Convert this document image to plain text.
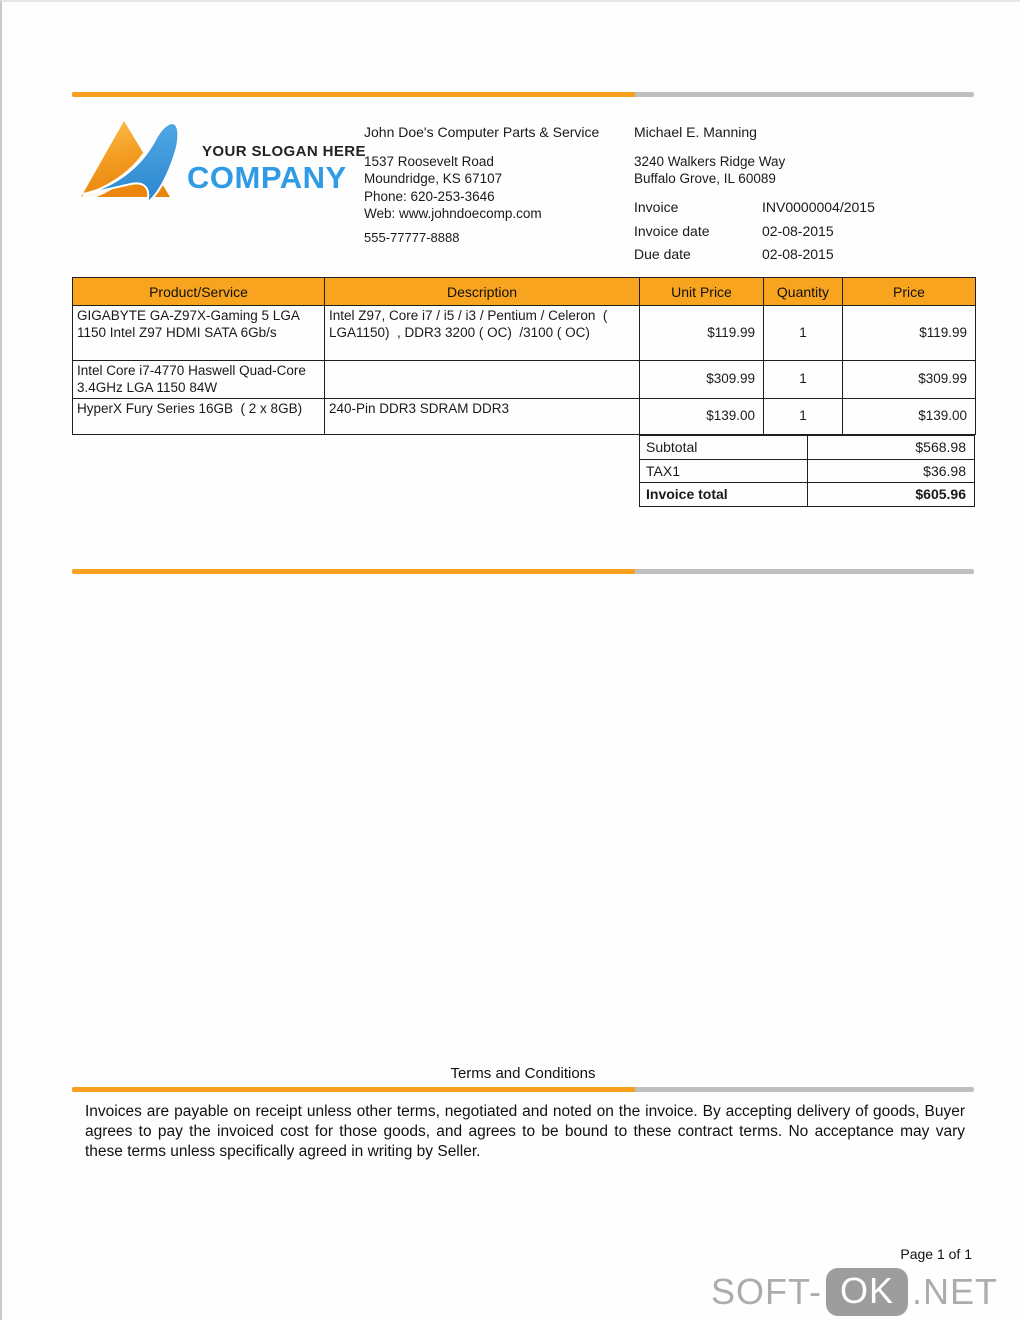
YOUR SLOGAN HERE
COMPANY
John Doe's Computer Parts & Service
1537 Roosevelt Road
Moundridge, KS 67107
Phone: 620-253-3646
Web: www.johndoecomp.com
555-77777-8888
Michael E. Manning
3240 Walkers Ridge Way
Buffalo Grove, IL 60089
Invoice	INV0000004/2015
Invoice date	02-08-2015
Due date	02-08-2015
Product/Service	Description	Unit Price	Quantity	Price
GIGABYTE GA-Z97X-Gaming 5 LGA 1150 Intel Z97 HDMI SATA 6Gb/s	Intel Z97, Core i7 / i5 / i3 / Pentium / Celeron  ( LGA1150)  , DDR3 3200 ( OC)  /3100 ( OC)	$119.99	1	$119.99
Intel Core i7-4770 Haswell Quad-Core 3.4GHz LGA 1150 84W		$309.99	1	$309.99
HyperX Fury Series 16GB  ( 2 x 8GB)	240-Pin DDR3 SDRAM DDR3	$139.00	1	$139.00
Subtotal	$568.98
TAX1	$36.98
Invoice total	$605.96
Terms and Conditions
Invoices are payable on receipt unless other terms, negotiated and noted on the invoice. By accepting delivery of goods, Buyer agrees to pay the invoiced cost for those goods, and agrees to be bound to these contract terms. No acceptance may vary these terms unless specifically agreed in writing by Seller.
Page 1 of 1
SOFT- OK .NET
